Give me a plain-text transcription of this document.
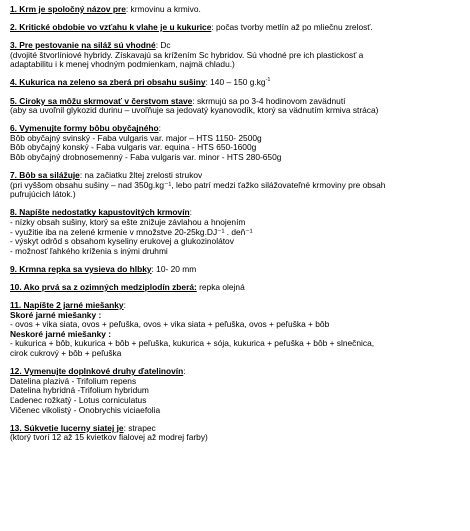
1. Krm je spoločný názov pre: krmovinu a krmivo.
2. Kritické obdobie vo vzťahu k vlahe je u kukurice: počas tvorby metlín až po mliečnu zrelosť.
3. Pre pestovanie na siláž sú vhodné: Dc
(dvojité štvorlíniové hybridy. Získavajú sa krížením Sc hybridov. Sú vhodné pre ich plastickosť a
adaptabilitu i k menej vhodným podmienkam, najmä chladu.)
4. Kukurica na zeleno sa zberá pri obsahu sušiny: 140 – 150 $g.kg^{-1}$
5. Ciroky sa môžu skrmovať v čerstvom stave: skrmujú sa po 3-4 hodinovom zavädnutí
(aby sa uvoľnil glykozid durinu – uvoľňuje sa jedovatý kyanovodík, ktorý sa vädnutím krmiva stráca)
6. Vymenujte formy bôbu obyčajného:
Bôb obyčajný svinský - Faba vulgaris var. major – HTS 1150- 2500g
Bôb obyčajný konský - Faba vulgaris var. equina - HTS 650-1600g
Bôb obyčajný drobnosemenný - Faba vulgaris var. minor - HTS 280-650g
7. Bôb sa silážuje: na začiatku žltej zrelosti strukov
(pri vyššom obsahu sušiny – nad 350g.kg⁻¹, lebo patrí medzi ťažko silážovateľné krmoviny pre obsah
pufrujúcich látok.)
8. Napíšte nedostatky kapustovitých krmovín:
- nízky obsah sušiny, ktorý sa ešte znižuje závlahou a hnojením
- využitie iba na zelené krmenie v množstve 20-25kg.DJ⁻¹ . deň⁻¹
- výskyt odrôd s obsahom kyseliny erukovej a glukozinolátov
- možnosť ľahkého kríženia s inými druhmi
9. Krmna repka sa vysieva do hlbky: 10- 20 mm
10. Ako prvá sa z ozimných medziplodín zberá: repka olejná
11. Napíšte 2 jarné miešanky:
Skoré jarné miešanky :
- ovos + vika siata, ovos + peľuška, ovos + vika siata + peľuška, ovos + peľuška + bôb
Neskoré jarné miešanky :
- kukurica + bôb, kukurica + bôb + peľuška, kukurica + sója, kukurica + peľuška + bôb + slnečnica,
cirok cukrový + bôb + peľuška
12. Vymenujte doplnkové druhy ďatelinovín:
Datelina plazivá - Trifolium repens
Datelina hybridná -Trifolium hybridum
Ľadenec rožkatý - Lotus corniculatus
Vičenec vikolistý - Onobrychis viciaefolia
13. Súkvetie lucerny siatej je: strapec
(ktorý tvorí 12 až 15 kvietkov fialovej až modrej farby)
